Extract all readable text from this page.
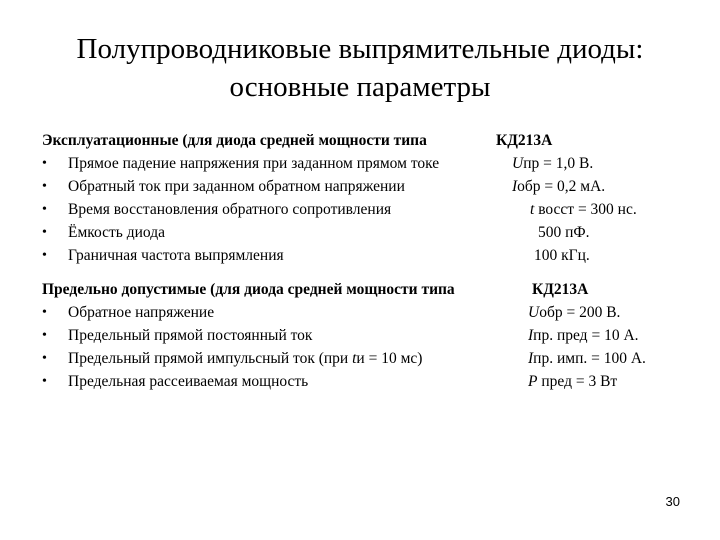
Полупроводниковые выпрямительные диоды:
основные параметры
Эксплуатационные (для диода средней мощности типа	КД213А
• Прямое падение напряжения при заданном прямом токе	Uпр = 1,0 В.
• Обратный ток при заданном обратном напряжении	Iобр = 0,2 мА.
• Время восстановления обратного сопротивления	t восст = 300 нс.
• Ёмкость диода	500 пФ.
• Граничная частота выпрямления	100 кГц.
Предельно допустимые (для диода средней мощности типа	КД213А
• Обратное напряжение	Uобр = 200 В.
• Предельный прямой постоянный ток	Iпр. пред = 10 А.
• Предельный прямой импульсный ток (при tи = 10 мс)	Iпр. имп. = 100 А.
• Предельная рассеиваемая мощность	P пред = 3 Вт
30
